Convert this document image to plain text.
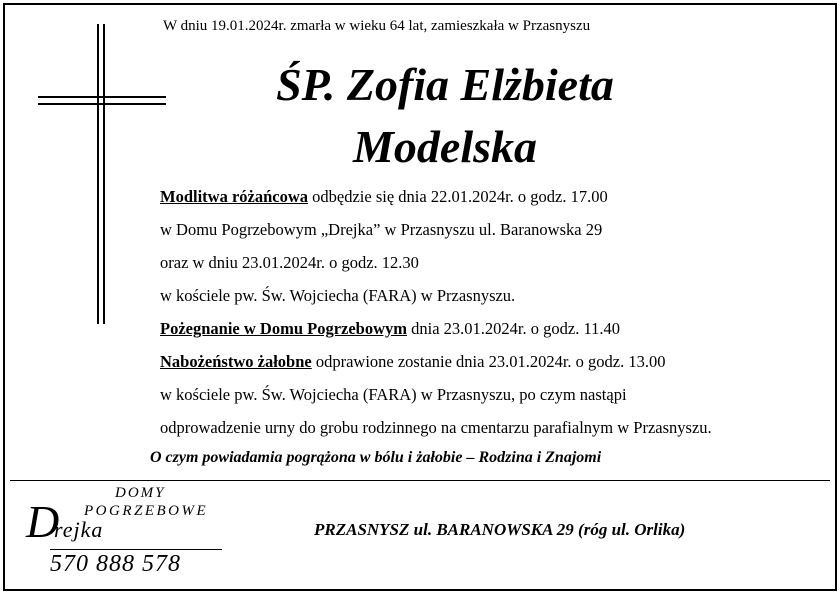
W dniu 19.01.2024r. zmarła w wieku 64 lat, zamieszkała w Przasnyszu
ŚP. Zofia Elżbieta
Modelska
Modlitwa różańcowa odbędzie się dnia 22.01.2024r. o godz. 17.00
w Domu Pogrzebowym „Drejka” w Przasnyszu ul. Baranowska 29
oraz w dniu 23.01.2024r. o godz. 12.30
w kościele pw. Św. Wojciecha (FARA) w Przasnyszu.
Pożegnanie w Domu Pogrzebowym dnia 23.01.2024r. o godz. 11.40
Nabożeństwo żałobne odprawione zostanie dnia 23.01.2024r. o godz. 13.00
w kościele pw. Św. Wojciecha (FARA) w Przasnyszu, po czym nastąpi
odprowadzenie urny do grobu rodzinnego na cmentarzu parafialnym w Przasnyszu.
O czym powiadamia pogrążona w bólu i żałobie – Rodzina i Znajomi
DOMY
POGRZEBOWE
D
rejka
570 888 578
PRZASNYSZ ul. BARANOWSKA 29 (róg ul. Orlika)
